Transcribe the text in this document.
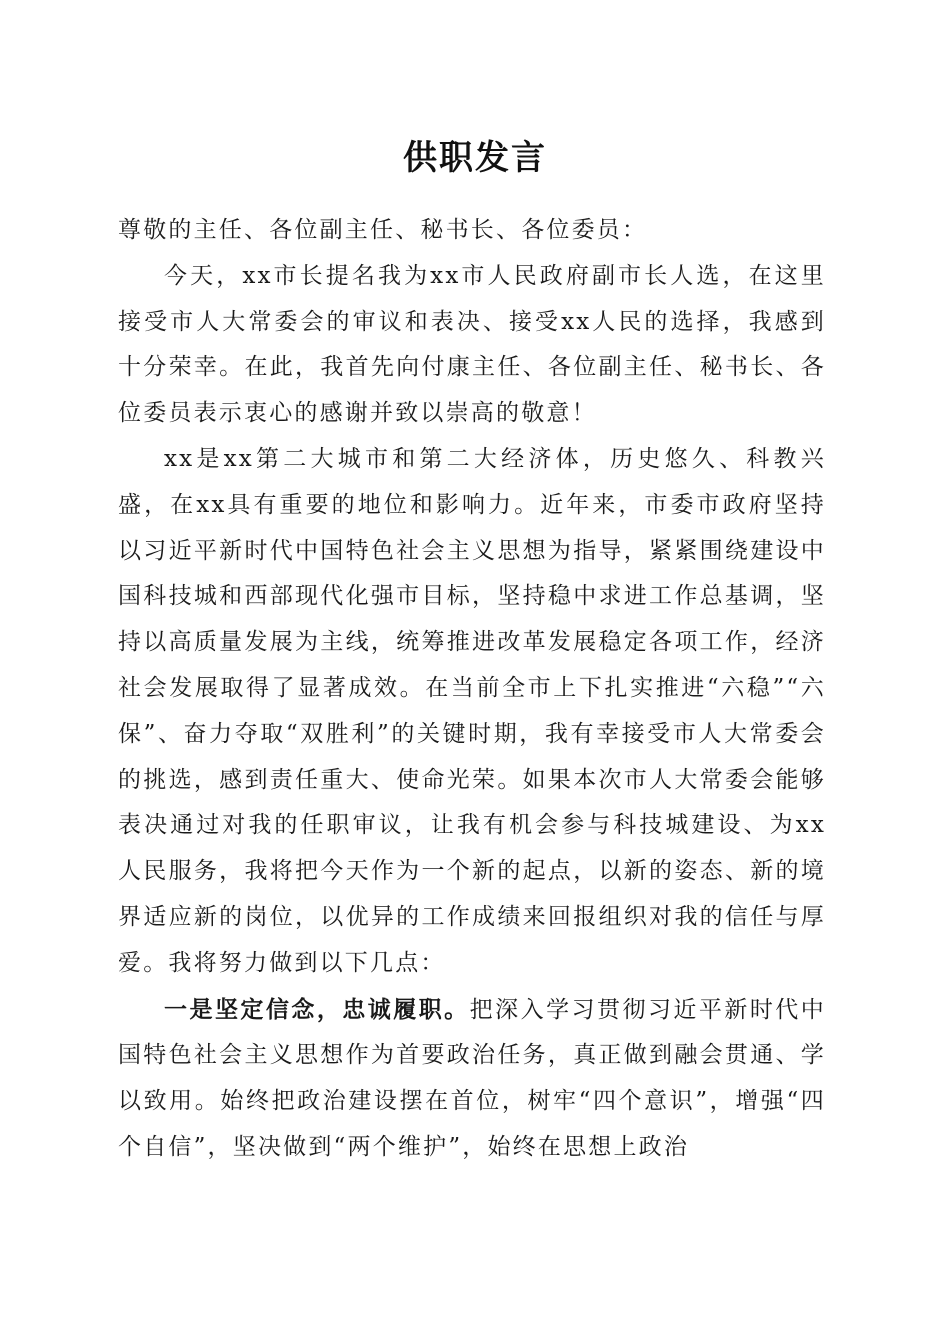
供职发言

尊敬的主任、各位副主任、秘书长、各位委员：

今天，xx市长提名我为xx市人民政府副市长人选，在这里接受市人大常委会的审议和表决、接受xx人民的选择，我感到十分荣幸。在此，我首先向付康主任、各位副主任、秘书长、各位委员表示衷心的感谢并致以崇高的敬意！

xx是xx第二大城市和第二大经济体，历史悠久、科教兴盛，在xx具有重要的地位和影响力。近年来，市委市政府坚持以习近平新时代中国特色社会主义思想为指导，紧紧围绕建设中国科技城和西部现代化强市目标，坚持稳中求进工作总基调，坚持以高质量发展为主线，统筹推进改革发展稳定各项工作，经济社会发展取得了显著成效。在当前全市上下扎实推进“六稳”“六保”、奋力夺取“双胜利”的关键时期，我有幸接受市人大常委会的挑选，感到责任重大、使命光荣。如果本次市人大常委会能够表决通过对我的任职审议，让我有机会参与科技城建设、为xx人民服务，我将把今天作为一个新的起点，以新的姿态、新的境界适应新的岗位，以优异的工作成绩来回报组织对我的信任与厚爱。我将努力做到以下几点：

一是坚定信念，忠诚履职。把深入学习贯彻习近平新时代中国特色社会主义思想作为首要政治任务，真正做到融会贯通、学以致用。始终把政治建设摆在首位，树牢“四个意识”，增强“四个自信”，坚决做到“两个维护”，始终在思想上政治
